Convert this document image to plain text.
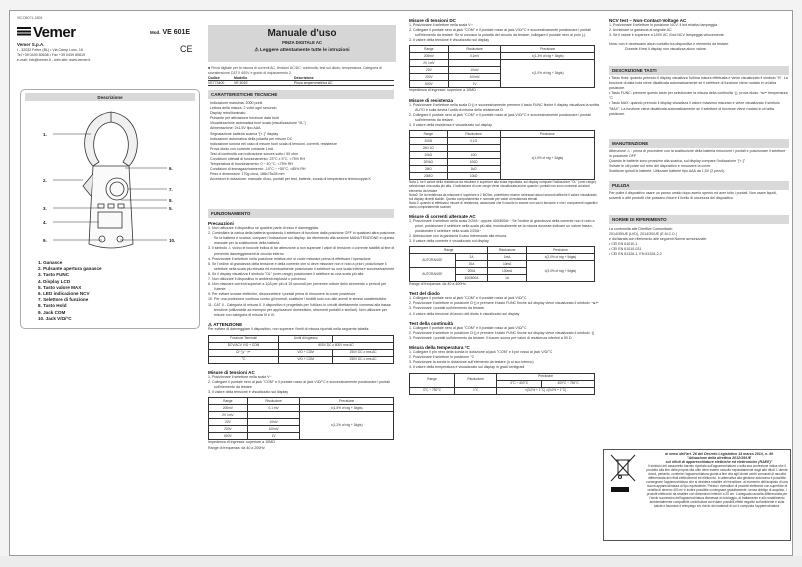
ISCO8071-1806
Vemer
Vemer S.p.A.
I - 32032 Feltre (BL) • Via Camp Lonc, 16
Tel +39 0439 80638 • Fax +39 0439 80619
e-mail: info@vemer.it - web site: www.vemer.it
Descrizione
1.
2.
3.
4.
9.
6.
7.
8.
5.
10.
1. Ganasce
2. Pulsante apertura ganasce
3. Tasto FUNC
4. Display LCD
5. Tasto valore MAX
6. LED indicazione NCV
7. Selettore di funzione
8. Tasto Hold
9. Jack COM
10. Jack V/Ω/°C
Mod. VE 601E
CE
Manuale d'uso
PINZA DIGITALE AC
⚠ Leggere attentamente tutte le istruzioni
■ Pinza digitale per la misura di correnti AC, tensioni AC/DC, continuità, test sui diodo, temperatura. Categoria di sovratensione CAT II 600V e grado di inquinamento 2.
Codice	Modello	Descrizione
VE773400	VE 601E	Pinza amperometrica AC
CARATTERISTICHE TECNICHE
Indicazione massima: 2000 punti
Lettura della misura: 2 volte ogni secondo
Display retroilluminato
Pulsante per attivazione funzione data hold
Visualizzazione automatica fuori scala (visualizzazione "0L")
Alimentazione: 2x1,5V tipo AAA
Segnalazione batteria scarica "[+-]" display
Indicazione automatica della polarità per misure DC
Indicazione sonora nel caso di misure fuori scala di tensioni, correnti, resistenze
Prova diodo con corrente costante 1mA
Test di continuità con indicazione sonora sotto i 50 ohm
Condizioni ottimali di funzionamento: 23°C ± 5°C. <75% RH
Temperatura di funzionamento: 0 ÷ 40 °C, <75% RH
Condizioni di immagazzinamento: -10°C ÷ +50°C, <85% RH
Peso e dimensioni: 170g circa, 188x75x28 mm
Accessori in dotazione: manuale d'uso, puntali per test, batterie, sonda di temperatura termocoppia K
FUNZIONAMENTO
Precauzioni
1. Non utilizzare il dispositivo se qualche parte di esso è danneggiata.
2. Controllare la carica della batteria spostando il selettore di funzione dalla posizione OFF in qualsiasi altra posizione. Se la batteria è scarica, compare l'indicazione sul display: far riferimento alla sezione MANUTENZIONE in questo manuale per la sostituzione della batteria
3. Il simbolo ⚠ vicino le boccole indica di far attenzione a non superare i valori di tensione o corrente stabiliti al fine di prevenire danneggiamenti al circuito interno
4. Posizionare il selettore nella posizione relativa che si vuole misurare prima di effettuare l'operazione
5. Se l'ordine di grandezza della tensione e della corrente che si deve misurare non è noto a priori, posizionare il selettore nella scala più elevata ed eventualmente posizionare il selettore su una scala inferiore successivamente
6. Se il display visualizza il simbolo "OL" (over-range) posizionare il selettore su una scala più alta
7. Non utilizzare il dispositivo in ambienti esplosivi o polverosi
8. Non misurare correnti superiori a 10A per più di 15 secondi per prevenire rotture dello strumento o pericoli per l'utente
9. Per evitare scosse elettriche, disconnettere i puntali prima di rimuovere la cover posteriore
10. Per una protezione continua contro gli incendi, sostituire i fusibili solo con altri aventi le stesse caratteristiche
11. CAT II - Categoria di misura II. Il dispositivo è progettato per l'utilizzo in circuiti direttamente connessi alla bassa tensione (utilizzabile ad esempio per applicazioni domestiche, strumenti portatili e similari). Non utilizzare per misure con categoria di misura III e IV.
⚠ ATTENZIONE
Per evitare di danneggiare il dispositivo, non superare i limiti di misura riportati nella seguente tabella:
Funzione Terminali	Limiti di ingresso	
DCV/ACV V/Ω + COM	600V DC o 600V rms AC	
Ω/ ·))/ ⊣⊢	V/Ω + COM	250V DC o rms AC
°C	V/Ω + COM	250V DC o rms AC
Misure di tensioni AC
1. Posizionare il selettore nella scala V~
2. Collegare il puntale nero al jack "COM" e il puntale rosso al jack V/Ω/°C e successivamente posizionare i puntali sull'elemento da testare
3. Il valore della tensione è visualizzato sul display
Range	Risoluzione	Precisione
200mV	0,1 mV	±(1,5% of rdg + 3dgts)
2V 1mV		±(1,2% of rdg + 3dgts)
20V	10mV	
200V	100mV	
600V	1V	
Impedenza di ingresso: superiore a 10MΩ
Range di frequenza: da 40 a 200Hz
Misure di tensioni DC
1. Posizionare il selettore nella scala V⎓
2. Collegare il puntale nero al jack "COM" e il puntale rosso al jack V/Ω/°C e successivamente posizionare i puntali sull'elemento da testare. Se si conosce la polarità del circuito da testare, collegare il puntale nero al polo (-).
3. Il valore della tensione è visualizzato sul display
Range	Risoluzione	Precisione
200mV	0,1mV	±(1,3% of rdg + 3dgts)
2V 1mV		±(1,0% of rdg + 3dgts)
20V	10mV	
200V	100mV	
600V	1V	
Impedenza di ingresso: superiore a 10MΩ
Misure di resistenza
1. Posizionare il selettore nella scala Ω·)) e successivamente premere il tasto FUNC finchè il display visualizza la scritta AUTO e sulla destra l'unità di misura della resistenza Ω
2. Collegare il puntale nero al jack "COM" e il puntale rosso al jack V/Ω/°C e successivamente posizionare i puntali sull'elemento da testare.
3. Il valore della resistenza è visualizzato sul display
Range	Risoluzione	Precisione
200Ω	0,1Ω	±(1,0% of rdg + 3dgts)
2kΩ 1Ω		
20kΩ	10Ω	
200kΩ	100Ω	
2MΩ	1kΩ	
20MΩ	10kΩ	
Nota 1: se il valore della resistenza da misurare è superiore alla scala impostata, sul display compare l'indicazione "OL" (over-range): selezionare una scala più alta. L'indicazione di over-range viene visualizzata anche quando i puntali non sono connessi ad alcun elemento da testare
Nota2: Se la resistenza da misurare è superiore a 2 MOhm, potrebbero essere necessari alcuni secondi affinchè il valore visualizzato sul display diventi stabile. Questo comportamento è normale per valori di resistenza elevati
Nota 3: quando si effettuano misure di resistenza, assicurarsi che il circuito in esame non sia in tensione e che i componenti capacitivi siano completamente scarichi
Misure di correnti alternate AC
1. Posizionare il selettore nella scala 2/20A~ oppure 400/600A~. Se l'ordine di grandezza della corrente non è noto a priori, posizionare il selettore nella scala più alta; eventualmente se la misura dovesse indicare un valore basso, posizionare il selettore nella scala 2/20A~
2. Abbracciare con la ganascia il cavo interessato alla misura.
3. Il valore della corrente è visualizzato sul display.
Range		Risoluzione	Precisione
AUTORANGE	2A	1mA	±(2,0% of rdg + 5dgts)
	20A	10mA	±(3,0% of rdg + 5dgts)
AUTORANGE	200A	100mA	
	400/600A	1A	
Range di frequenza: da 40 a 400Hz.
Test del diodo
1. Collegare il puntale nero al jack "COM" e il puntale rosso al jack V/Ω/°C
2. Posizionare il selettore in posizione Ω·)) e premere il tasto FUNC finche sul display viene visualizzato il simbolo ⊣▸⊢
3. Posizionare i puntali sull'elemento da testare.
4. Il valore della tensione di lavoro del diodo è visualizzato sul display
Test della continuità
1. Collegare il puntale nero al jack "COM" e il puntale rosso al jack V/Ω/°C
2. Posizionare il selettore in posizione Ω·)) e premere il tasto FUNC finche sul display viene visualizzato il simbolo ·))
3. Posizionare i puntali sull'elemento da testare: il buzzer suona per valori di resistenza inferiori a 50 Ω
Misura della temperatura °C
1. Collegare il pin nero della sonda in dotazione al jack "COM" e il pin rosso al jack V/Ω/°C
2. Posizionare il selettore in posizione °C
3. Posizionare la sonda in dotazione sull'elemento da testare (o al suo interno)
4. Il valore della temperatura è visualizzato sul display in gradi centigradi
Range	Risoluzione	Precisione	
		0°C ÷ 400°C	400°C ÷ 750°C
0°C ÷ 750°C	1°C	±(3,0% + 1°C) ±(3,0% + 1°C)	
NCV test – Non-Contact-Voltage AC
1. Posizionare il selettore in posizione NCV: il led relativo lampeggia
2. Avvicinare la ganascia al segnale AC
3. Se il valore è superiore a 100V AC il led NCV lampeggia velocemente
Nota: non è necessario alcun contatto tra dispositivo e elemento da testare.
Durante il test il display non visualizza alcun valore.
DESCRIZIONE TASTI
• Tasto Hold: quando premuto il display visualizza l'ultima misura effettuata e viene visualizzato il simbolo "H". La funzione di data hold viene disattivata automaticamente se il selettore di funzione viene ruotato in un'altra posizione.
• Tasto FUNC: premere questo tasto per selezionare la misura della continuità ·)), prova diodo ⊣▸⊢ temperatura °C
• Tasto MAX: quando premuto il display visualizza il valore massimo misurato e viene visualizzato il simbolo "MAX". La funzione viene disattivata automaticamente se il selettore di funzione viene ruotato in un'altra posizione.
MANUTENZIONE
Attenzione ⚠ : prima di procedere con la sostituzione della batteria rimuovere i puntali e posizionare il selettore in posizione OFF
Quando le batterie sono prossime alla scarica, sul display compare l'indicazione "[+-]"
Svitare le viti poste sul retro del dispositivo e rimuovere la cover.
Sostituire quindi le batterie. Utilizzare batterie tipo AAA da 1,5V (2 pezzi).
PULIZIA
Per pulire il dispositivo usare un panno umido dopo averlo spento ed aver tolto i puntali. Non usare liquidi, solventi o altri prodotti che possano ridurre il livello di sicurezza del dispositivo.
NORME DI RIFERIMENTO
La conformità alle Direttive Comunitarie:
2014/35/UE (LVD), 2014/30/UE (E.M.C.D.)
è dichiarata con riferimento alle seguenti Norme armonizzate:
• CEI EN 61010-1
• CEI EN 61010-031
• CEI EN 61326-1, EN 61326-2-2
ai sensi dell'art. 26 del Decreto Legislativo 14 marzo 2014, n. 49
"Attuazione della direttiva 2012/19/UE
sui rifiuti di apparecchiature elettriche ed elettroniche (RAEE)"
Il simbolo del cassonetto barrato riportato sull'apparecchiatura o sulla sua confezione indica che il prodotto alla fine della propria vita utile deve essere raccolto separatamente dagli altri rifiuti. L'utente dovrà, pertanto, conferire l'apparecchiatura giunta a fine vita agli idonei centri comunali di raccolta differenziata dei rifiuti elettrotecnici ed elettronici. In alternativa alla gestione autonoma è possibile consegnare l'apparecchiatura che si desidera smaltire al rivenditore, al momento dell'acquisto di una nuova apparecchiatura di tipo equivalente. Presso i rivenditori di prodotti elettronici con superficie di vendita di almeno 400 m² è inoltre possibile consegnare gratuitamente, senza obbligo di acquisto, i prodotti elettronici da smaltire con dimensioni inferiori a 25 cm. L'adeguata raccolta differenziata per l'avvio successivo dell'apparecchiatura dismessa al riciclaggio, al trattamento e allo smaltimento ambientalmente compatibile contribuisce ad evitare possibili effetti negativi sull'ambiente e sulla salute e favorisce il reimpiego e/o riciclo dei materiali di cui è composta l'apparecchiatura.
